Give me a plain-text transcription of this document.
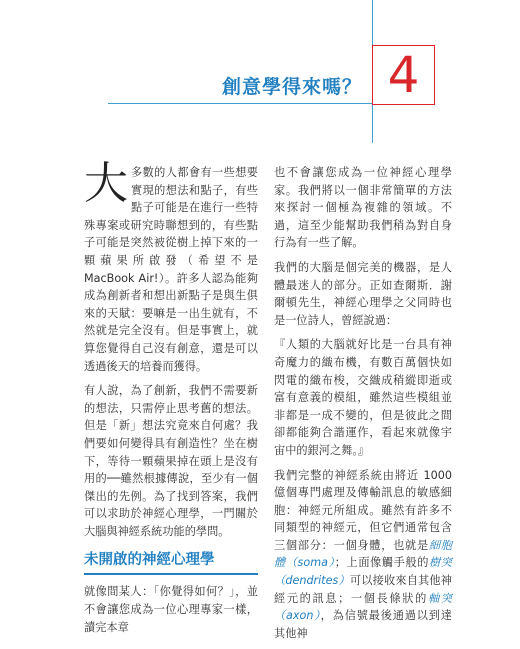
4
創意學得來嗎？

大多數的人都會有一些想要實現的想法和點子，有些點子可能是在進行一些特殊專案或研究時聯想到的，有些點子可能是突然被從樹上掉下來的一顆蘋果所啟發（希望不是 MacBook Air!）。許多人認為能夠成為創新者和想出新點子是與生俱來的天賦：要嘛是一出生就有，不然就是完全沒有。但是事實上，就算您覺得自己沒有創意，還是可以透過後天的培養而獲得。

有人說，為了創新，我們不需要新的想法，只需停止思考舊的想法。但是「新」想法究竟來自何處？我們要如何變得具有創造性？坐在樹下，等待一顆蘋果掉在頭上是沒有用的──雖然根據傳說，至少有一個傑出的先例。為了找到答案，我們可以求助於神經心理學，一門關於大腦與神經系統功能的學問。

未開啟的神經心理學

就像間某人：「你覺得如何？」，並不會讓您成為一位心理專家一樣，讀完本章

也不會讓您成為一位神經心理學家。我們將以一個非常簡單的方法來探討一個極為複雜的領域。不過，這至少能幫助我們稍為對自身行為有一些了解。

我們的大腦是個完美的機器，是人體最迷人的部分。正如查爾斯．謝爾頓先生，神經心理學之父同時也是一位詩人，曾經說過：

『人類的大腦就好比是一台具有神奇魔力的織布機，有數百萬個快如閃電的織布梭，交織成稍縱即逝或富有意義的模組，雖然這些模組並非都是一成不變的，但是彼此之間卻都能夠合諧運作，看起來就像宇宙中的銀河之舞。』

我們完整的神經系統由將近 1000 億個專門處理及傳輸訊息的敏感細胞：神經元所組成。雖然有許多不同類型的神經元，但它們通常包含三個部分：一個身體，也就是細胞體（soma）；上面像觸手般的樹突（dendrites）可以接收來自其他神經元的訊息；一個長條狀的軸突（axon），為信號最後通過以到達其他神
